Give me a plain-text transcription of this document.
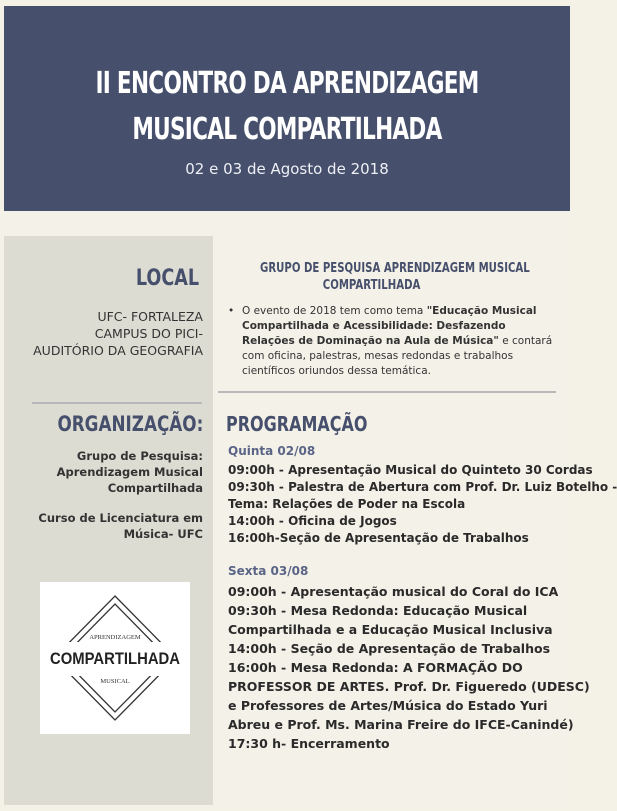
II ENCONTRO DA APRENDIZAGEM
MUSICAL COMPARTILHADA
02 e 03 de Agosto de 2018
LOCAL
UFC- FORTALEZA
CAMPUS DO PICI-
AUDITÓRIO DA GEOGRAFIA
ORGANIZAÇÃO:
Grupo de Pesquisa:
Aprendizagem Musical
Compartilhada
Curso de Licenciatura em
Música- UFC
APRENDIZAGEM
COMPARTILHADA
MUSICAL
GRUPO DE PESQUISA APRENDIZAGEM MUSICAL
COMPARTILHADA
• O evento de 2018 tem como tema "Educação Musical Compartilhada e Acessibilidade: Desfazendo Relações de Dominação na Aula de Música" e contará com oficina, palestras, mesas redondas e trabalhos científicos oriundos dessa temática.
PROGRAMAÇÃO
Quinta 02/08
09:00h - Apresentação Musical do Quinteto 30 Cordas
09:30h - Palestra de Abertura com Prof. Dr. Luiz Botelho -
Tema: Relações de Poder na Escola
14:00h - Oficina de Jogos
16:00h-Seção de Apresentação de Trabalhos
Sexta 03/08
09:00h - Apresentação musical do Coral do ICA
09:30h - Mesa Redonda: Educação Musical
Compartilhada e a Educação Musical Inclusiva
14:00h - Seção de Apresentação de Trabalhos
16:00h - Mesa Redonda: A FORMAÇÃO DO
PROFESSOR DE ARTES. Prof. Dr. Figueredo (UDESC)
e Professores de Artes/Música do Estado Yuri
Abreu e Prof. Ms. Marina Freire do IFCE-Canindé)
17:30 h- Encerramento
